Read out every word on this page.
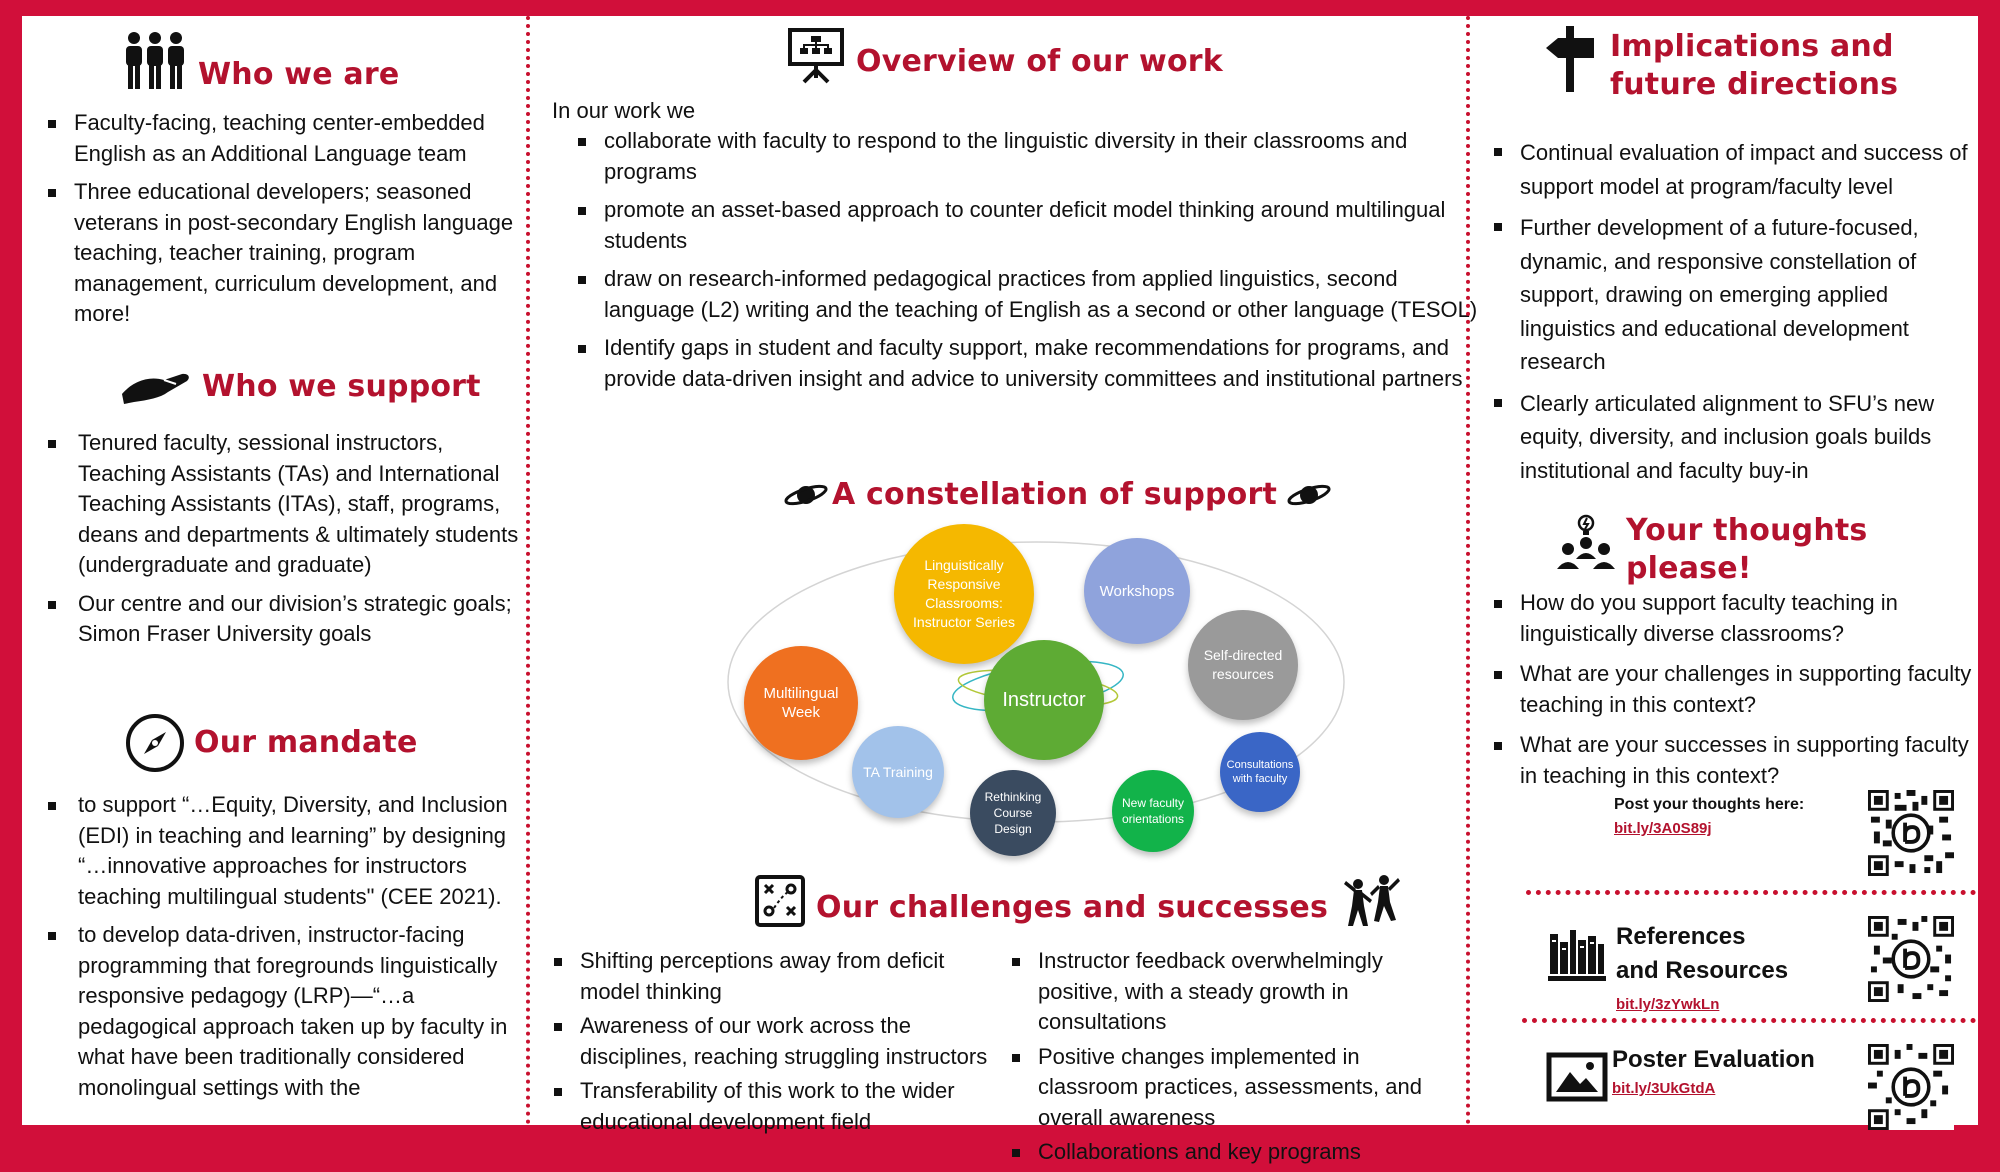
Who we are
Faculty-facing, teaching center-embedded English as an Additional Language team
Three educational developers; seasoned veterans in post-secondary English language teaching, teacher training, program management, curriculum development, and more!
Who we support
Tenured faculty, sessional instructors, Teaching Assistants (TAs) and International Teaching Assistants (ITAs), staff, programs, deans and departments & ultimately students (undergraduate and graduate)
Our centre and our division’s strategic goals; Simon Fraser University goals
Our mandate
to support “…Equity, Diversity, and Inclusion (EDI) in teaching and learning” by designing “…innovative approaches for instructors teaching multilingual students" (CEE 2021).
to develop data-driven, instructor-facing programming that foregrounds linguistically responsive pedagogy (LRP)—“…a pedagogical approach taken up by faculty in what have been traditionally considered monolingual settings with the
Overview of our work
In our work we
collaborate with faculty to respond to the linguistic diversity in their classrooms and programs
promote an asset-based approach to counter deficit model thinking around multilingual students
draw on research-informed pedagogical practices from applied linguistics, second language (L2) writing and the teaching of English as a second or other language (TESOL)
Identify gaps in student and faculty support, make recommendations for programs, and provide data-driven insight and advice to university committees and institutional partners
A constellation of support
Linguistically Responsive Classrooms: Instructor Series
Workshops
Self-directed resources
Multilingual Week
Instructor
TA Training
Rethinking Course Design
New faculty orientations
Consultations with faculty
Our challenges and successes
Shifting perceptions away from deficit model thinking
Awareness of our work across the disciplines, reaching struggling instructors
Transferability of this work to the wider educational development field
Instructor feedback overwhelmingly positive, with a steady growth in consultations
Positive changes implemented in classroom practices, assessments, and overall awareness
Collaborations and key programs
Implications and
future directions
Continual evaluation of impact and success of support model at program/faculty level
Further development of a future-focused, dynamic, and responsive constellation of support, drawing on emerging applied linguistics and educational development research
Clearly articulated alignment to SFU’s new equity, diversity, and inclusion goals builds institutional and faculty buy-in
Your thoughts please!
How do you support faculty teaching in linguistically diverse classrooms?
What are your challenges in supporting faculty teaching in this context?
What are your successes in supporting faculty in teaching in this context?
Post your thoughts here:
bit.ly/3A0S89j
References
and Resources
bit.ly/3zYwkLn
Poster Evaluation
bit.ly/3UkGtdA
